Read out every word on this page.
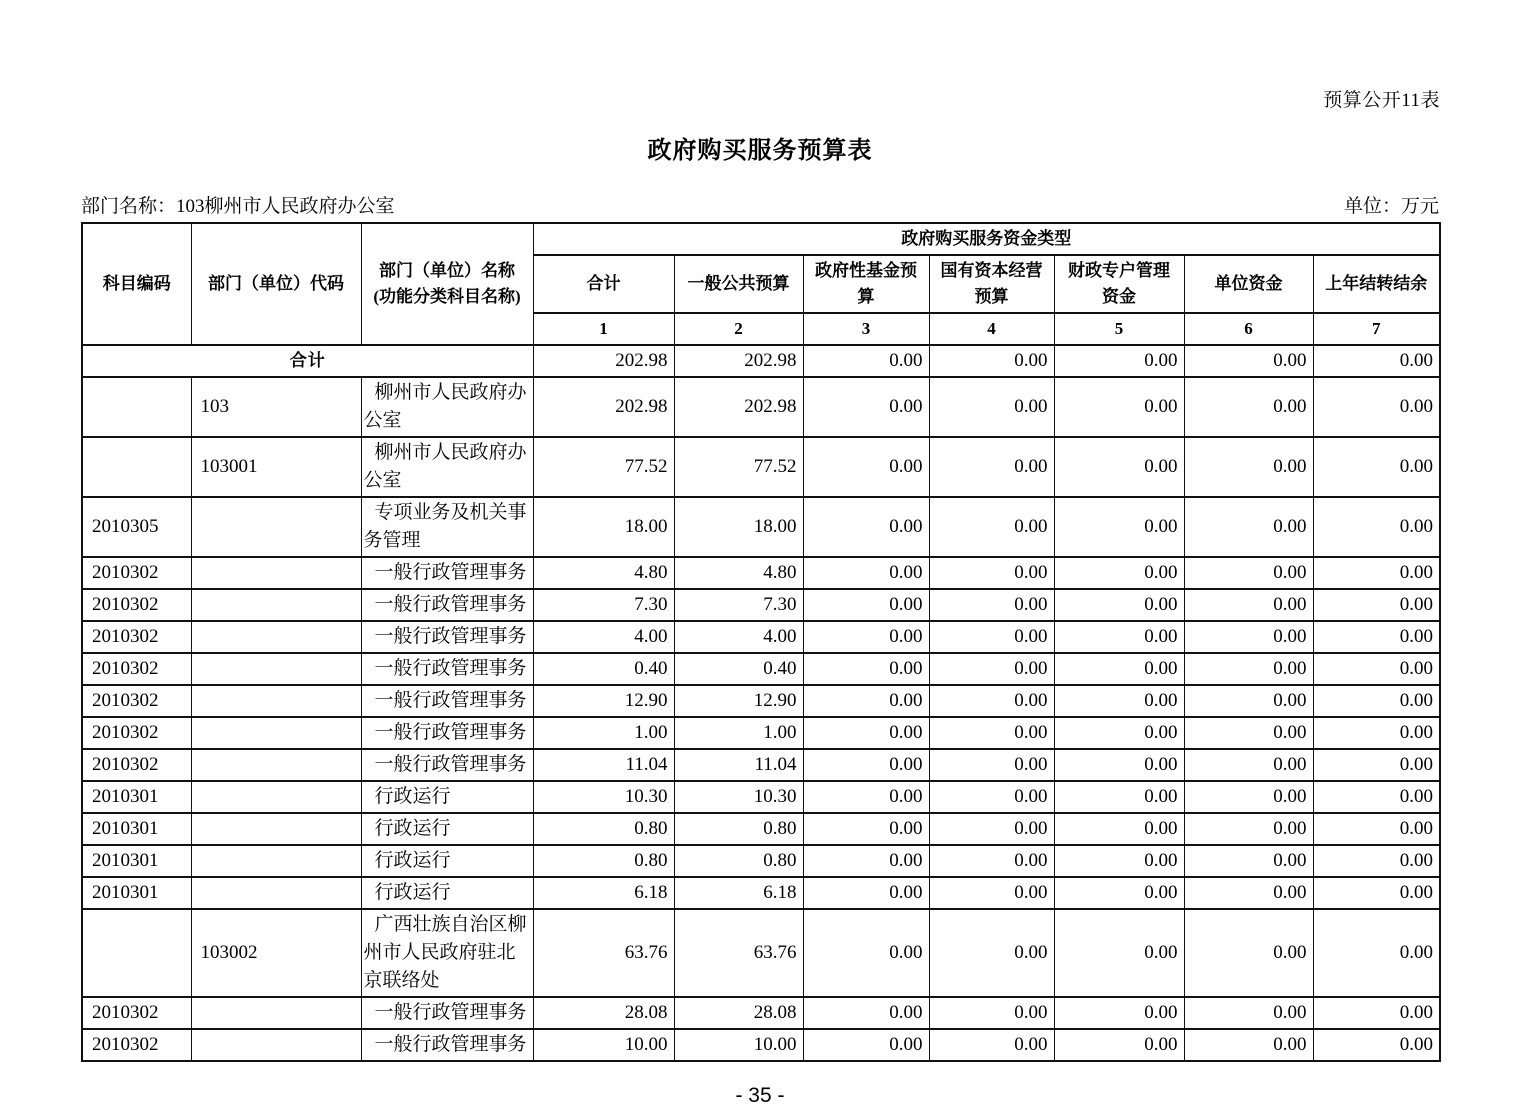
预算公开11表
政府购买服务预算表
部门名称：103柳州市人民政府办公室	单位：万元
科目编码	部门（单位）代码	部门（单位）名称
(功能分类科目名称)	政府购买服务资金类型						
			合计	一般公共预算	政府性基金预算	国有资本经营预算	财政专户管理资金	单位资金	上年结转结余
			1	2	3	4	5	6	7
合计			202.98	202.98	0.00	0.00	0.00	0.00	0.00
	103	柳州市人民政府办公室	202.98	202.98	0.00	0.00	0.00	0.00	0.00
	103001	柳州市人民政府办公室	77.52	77.52	0.00	0.00	0.00	0.00	0.00
2010305		专项业务及机关事务管理	18.00	18.00	0.00	0.00	0.00	0.00	0.00
2010302		一般行政管理事务	4.80	4.80	0.00	0.00	0.00	0.00	0.00
2010302		一般行政管理事务	7.30	7.30	0.00	0.00	0.00	0.00	0.00
2010302		一般行政管理事务	4.00	4.00	0.00	0.00	0.00	0.00	0.00
2010302		一般行政管理事务	0.40	0.40	0.00	0.00	0.00	0.00	0.00
2010302		一般行政管理事务	12.90	12.90	0.00	0.00	0.00	0.00	0.00
2010302		一般行政管理事务	1.00	1.00	0.00	0.00	0.00	0.00	0.00
2010302		一般行政管理事务	11.04	11.04	0.00	0.00	0.00	0.00	0.00
2010301		行政运行	10.30	10.30	0.00	0.00	0.00	0.00	0.00
2010301		行政运行	0.80	0.80	0.00	0.00	0.00	0.00	0.00
2010301		行政运行	0.80	0.80	0.00	0.00	0.00	0.00	0.00
2010301		行政运行	6.18	6.18	0.00	0.00	0.00	0.00	0.00
	103002	广西壮族自治区柳州市人民政府驻北京联络处	63.76	63.76	0.00	0.00	0.00	0.00	0.00
2010302		一般行政管理事务	28.08	28.08	0.00	0.00	0.00	0.00	0.00
2010302		一般行政管理事务	10.00	10.00	0.00	0.00	0.00	0.00	0.00
- 35 -
